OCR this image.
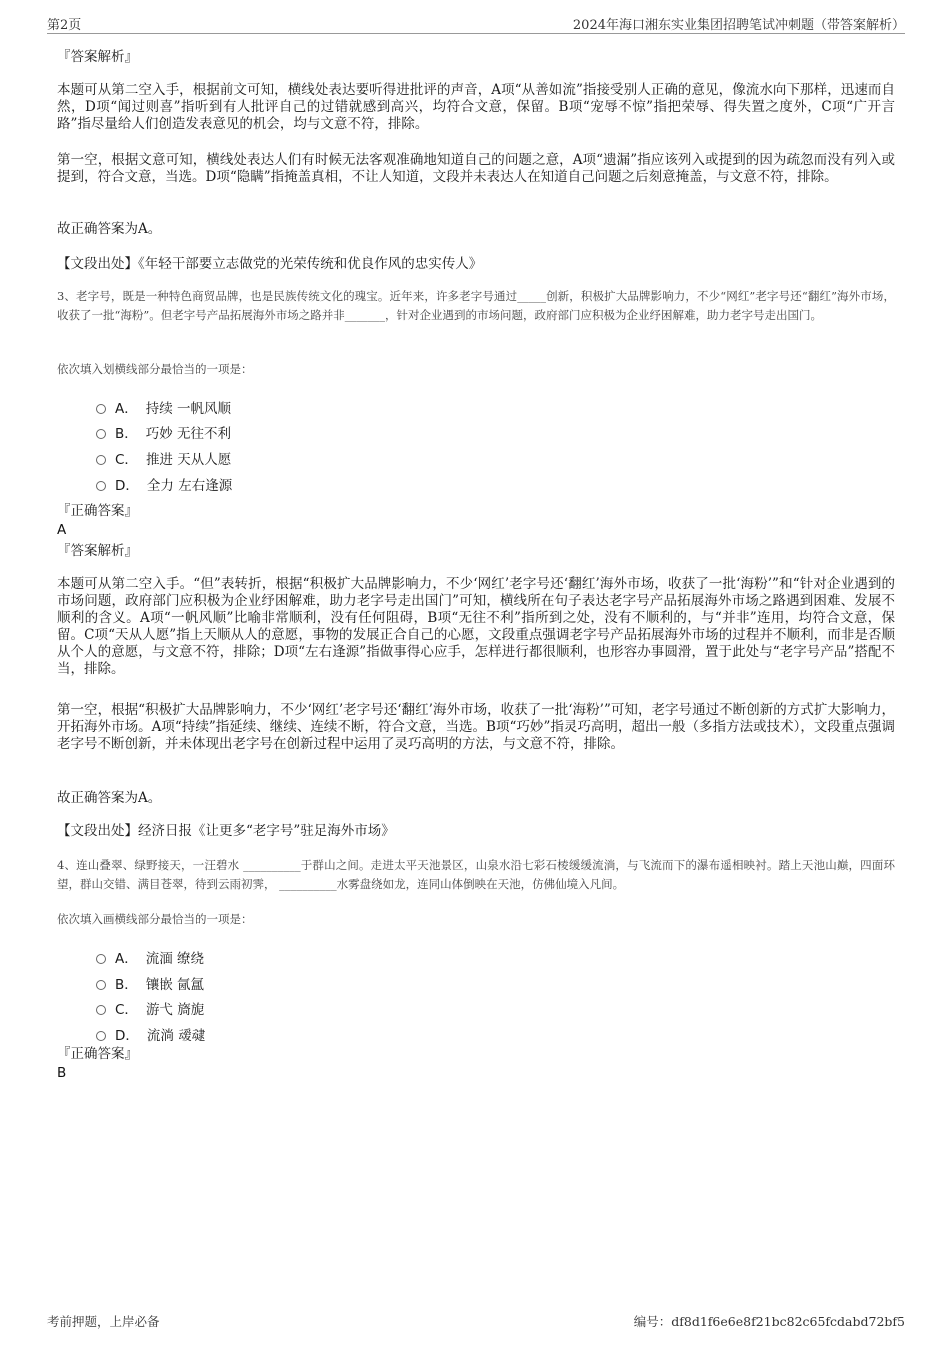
第2页	2024年海口湘东实业集团招聘笔试冲刺题（带答案解析）
『答案解析』
本题可从第二空入手，根据前文可知，横线处表达要听得进批评的声音，A项“从善如流”指接受别人正确的意见，像流水向下那样，迅速而自然，D项“闻过则喜”指听到有人批评自己的过错就感到高兴，均符合文意，保留。B项“宠辱不惊”指把荣辱、得失置之度外，C项“广开言路”指尽量给人们创造发表意见的机会，均与文意不符，排除。
第一空，根据文意可知，横线处表达人们有时候无法客观准确地知道自己的问题之意，A项“遗漏”指应该列入或提到的因为疏忽而没有列入或提到，符合文意，当选。D项“隐瞒”指掩盖真相，不让人知道，文段并未表达人在知道自己问题之后刻意掩盖，与文意不符，排除。
故正确答案为A。
【文段出处】《年轻干部要立志做党的光荣传统和优良作风的忠实传人》
3、老字号，既是一种特色商贸品牌，也是民族传统文化的瑰宝。近年来，许多老字号通过_____创新，积极扩大品牌影响力，不少“网红”老字号还“翻红”海外市场，收获了一批“海粉”。但老字号产品拓展海外市场之路并非_______，针对企业遇到的市场问题，政府部门应积极为企业纾困解难，助力老字号走出国门。
依次填入划横线部分最恰当的一项是：
A． 持续 一帆风顺
B． 巧妙 无往不利
C． 推进 天从人愿
D． 全力 左右逢源
『正确答案』
A
『答案解析』
本题可从第二空入手。“但”表转折，根据“积极扩大品牌影响力，不少‘网红’老字号还‘翻红’海外市场，收获了一批‘海粉’”和“针对企业遇到的市场问题，政府部门应积极为企业纾困解难，助力老字号走出国门”可知，横线所在句子表达老字号产品拓展海外市场之路遇到困难、发展不顺利的含义。A项“一帆风顺”比喻非常顺利，没有任何阻碍，B项“无往不利”指所到之处，没有不顺利的，与“并非”连用，均符合文意，保留。C项“天从人愿”指上天顺从人的意愿，事物的发展正合自己的心愿，文段重点强调老字号产品拓展海外市场的过程并不顺利，而非是否顺从个人的意愿，与文意不符，排除；D项“左右逢源”指做事得心应手，怎样进行都很顺利，也形容办事圆滑，置于此处与“老字号产品”搭配不当，排除。
第一空，根据“积极扩大品牌影响力，不少‘网红’老字号还‘翻红’海外市场，收获了一批‘海粉’”可知，老字号通过不断创新的方式扩大影响力，开拓海外市场。A项“持续”指延续、继续、连续不断，符合文意，当选。B项“巧妙”指灵巧高明，超出一般（多指方法或技术），文段重点强调老字号不断创新，并未体现出老字号在创新过程中运用了灵巧高明的方法，与文意不符，排除。
故正确答案为A。
【文段出处】经济日报《让更多“老字号”驻足海外市场》
4、连山叠翠、绿野接天，一汪碧水 __________于群山之间。走进太平天池景区，山泉水沿七彩石棱缓缓流淌，与飞流而下的瀑布遥相映衬。踏上天池山巅，四面环望，群山交错、满目苍翠，待到云雨初霁， __________水雾盘绕如龙，连同山体倒映在天池，仿佛仙境入凡间。
依次填入画横线部分最恰当的一项是：
A． 流湎 缭绕
B． 镶嵌 氤氲
C． 游弋 旖旎
D． 流淌 叆叇
『正确答案』
B
考前押题，上岸必备	编号：df8d1f6e6e8f21bc82c65fcdabd72bf5
